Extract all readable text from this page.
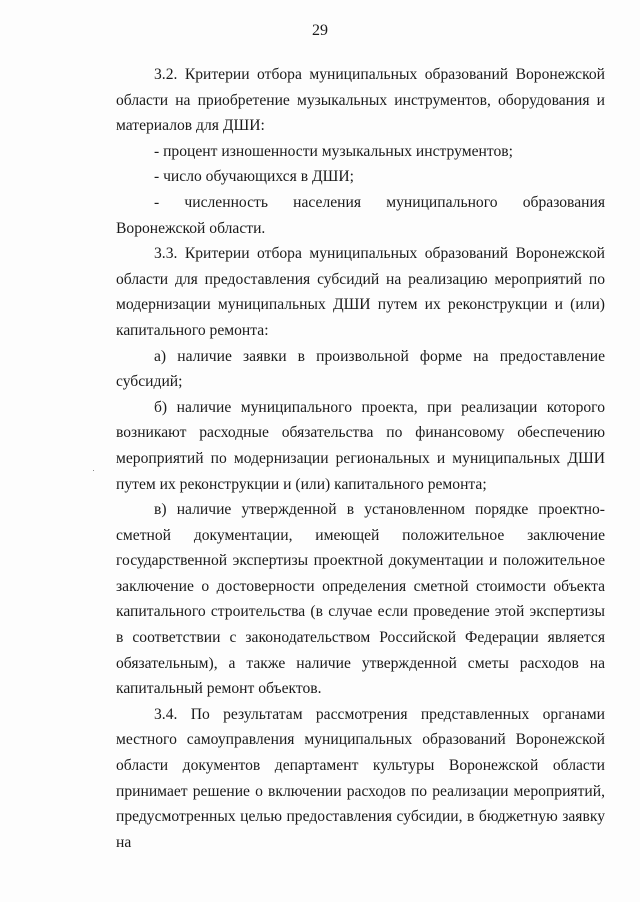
29

3.2. Критерии отбора муниципальных образований Воронежской области на приобретение музыкальных инструментов, оборудования и материалов для ДШИ:

- процент изношенности музыкальных инструментов;

- число обучающихся в ДШИ;

- численность населения муниципального образования Воронежской области.

3.3. Критерии отбора муниципальных образований Воронежской области для предоставления субсидий на реализацию мероприятий по модернизации муниципальных ДШИ путем их реконструкции и (или) капитального ремонта:

а) наличие заявки в произвольной форме на предоставление субсидий;

б) наличие муниципального проекта, при реализации которого возникают расходные обязательства по финансовому обеспечению мероприятий по модернизации региональных и муниципальных ДШИ путем их реконструкции и (или) капитального ремонта;

в) наличие утвержденной в установленном порядке проектно-сметной документации, имеющей положительное заключение государственной экспертизы проектной документации и положительное заключение о достоверности определения сметной стоимости объекта капитального строительства (в случае если проведение этой экспертизы в соответствии с законодательством Российской Федерации является обязательным), а также наличие утвержденной сметы расходов на капитальный ремонт объектов.

3.4. По результатам рассмотрения представленных органами местного самоуправления муниципальных образований Воронежской области документов департамент культуры Воронежской области принимает решение о включении расходов по реализации мероприятий, предусмотренных целью предоставления субсидии, в бюджетную заявку на
